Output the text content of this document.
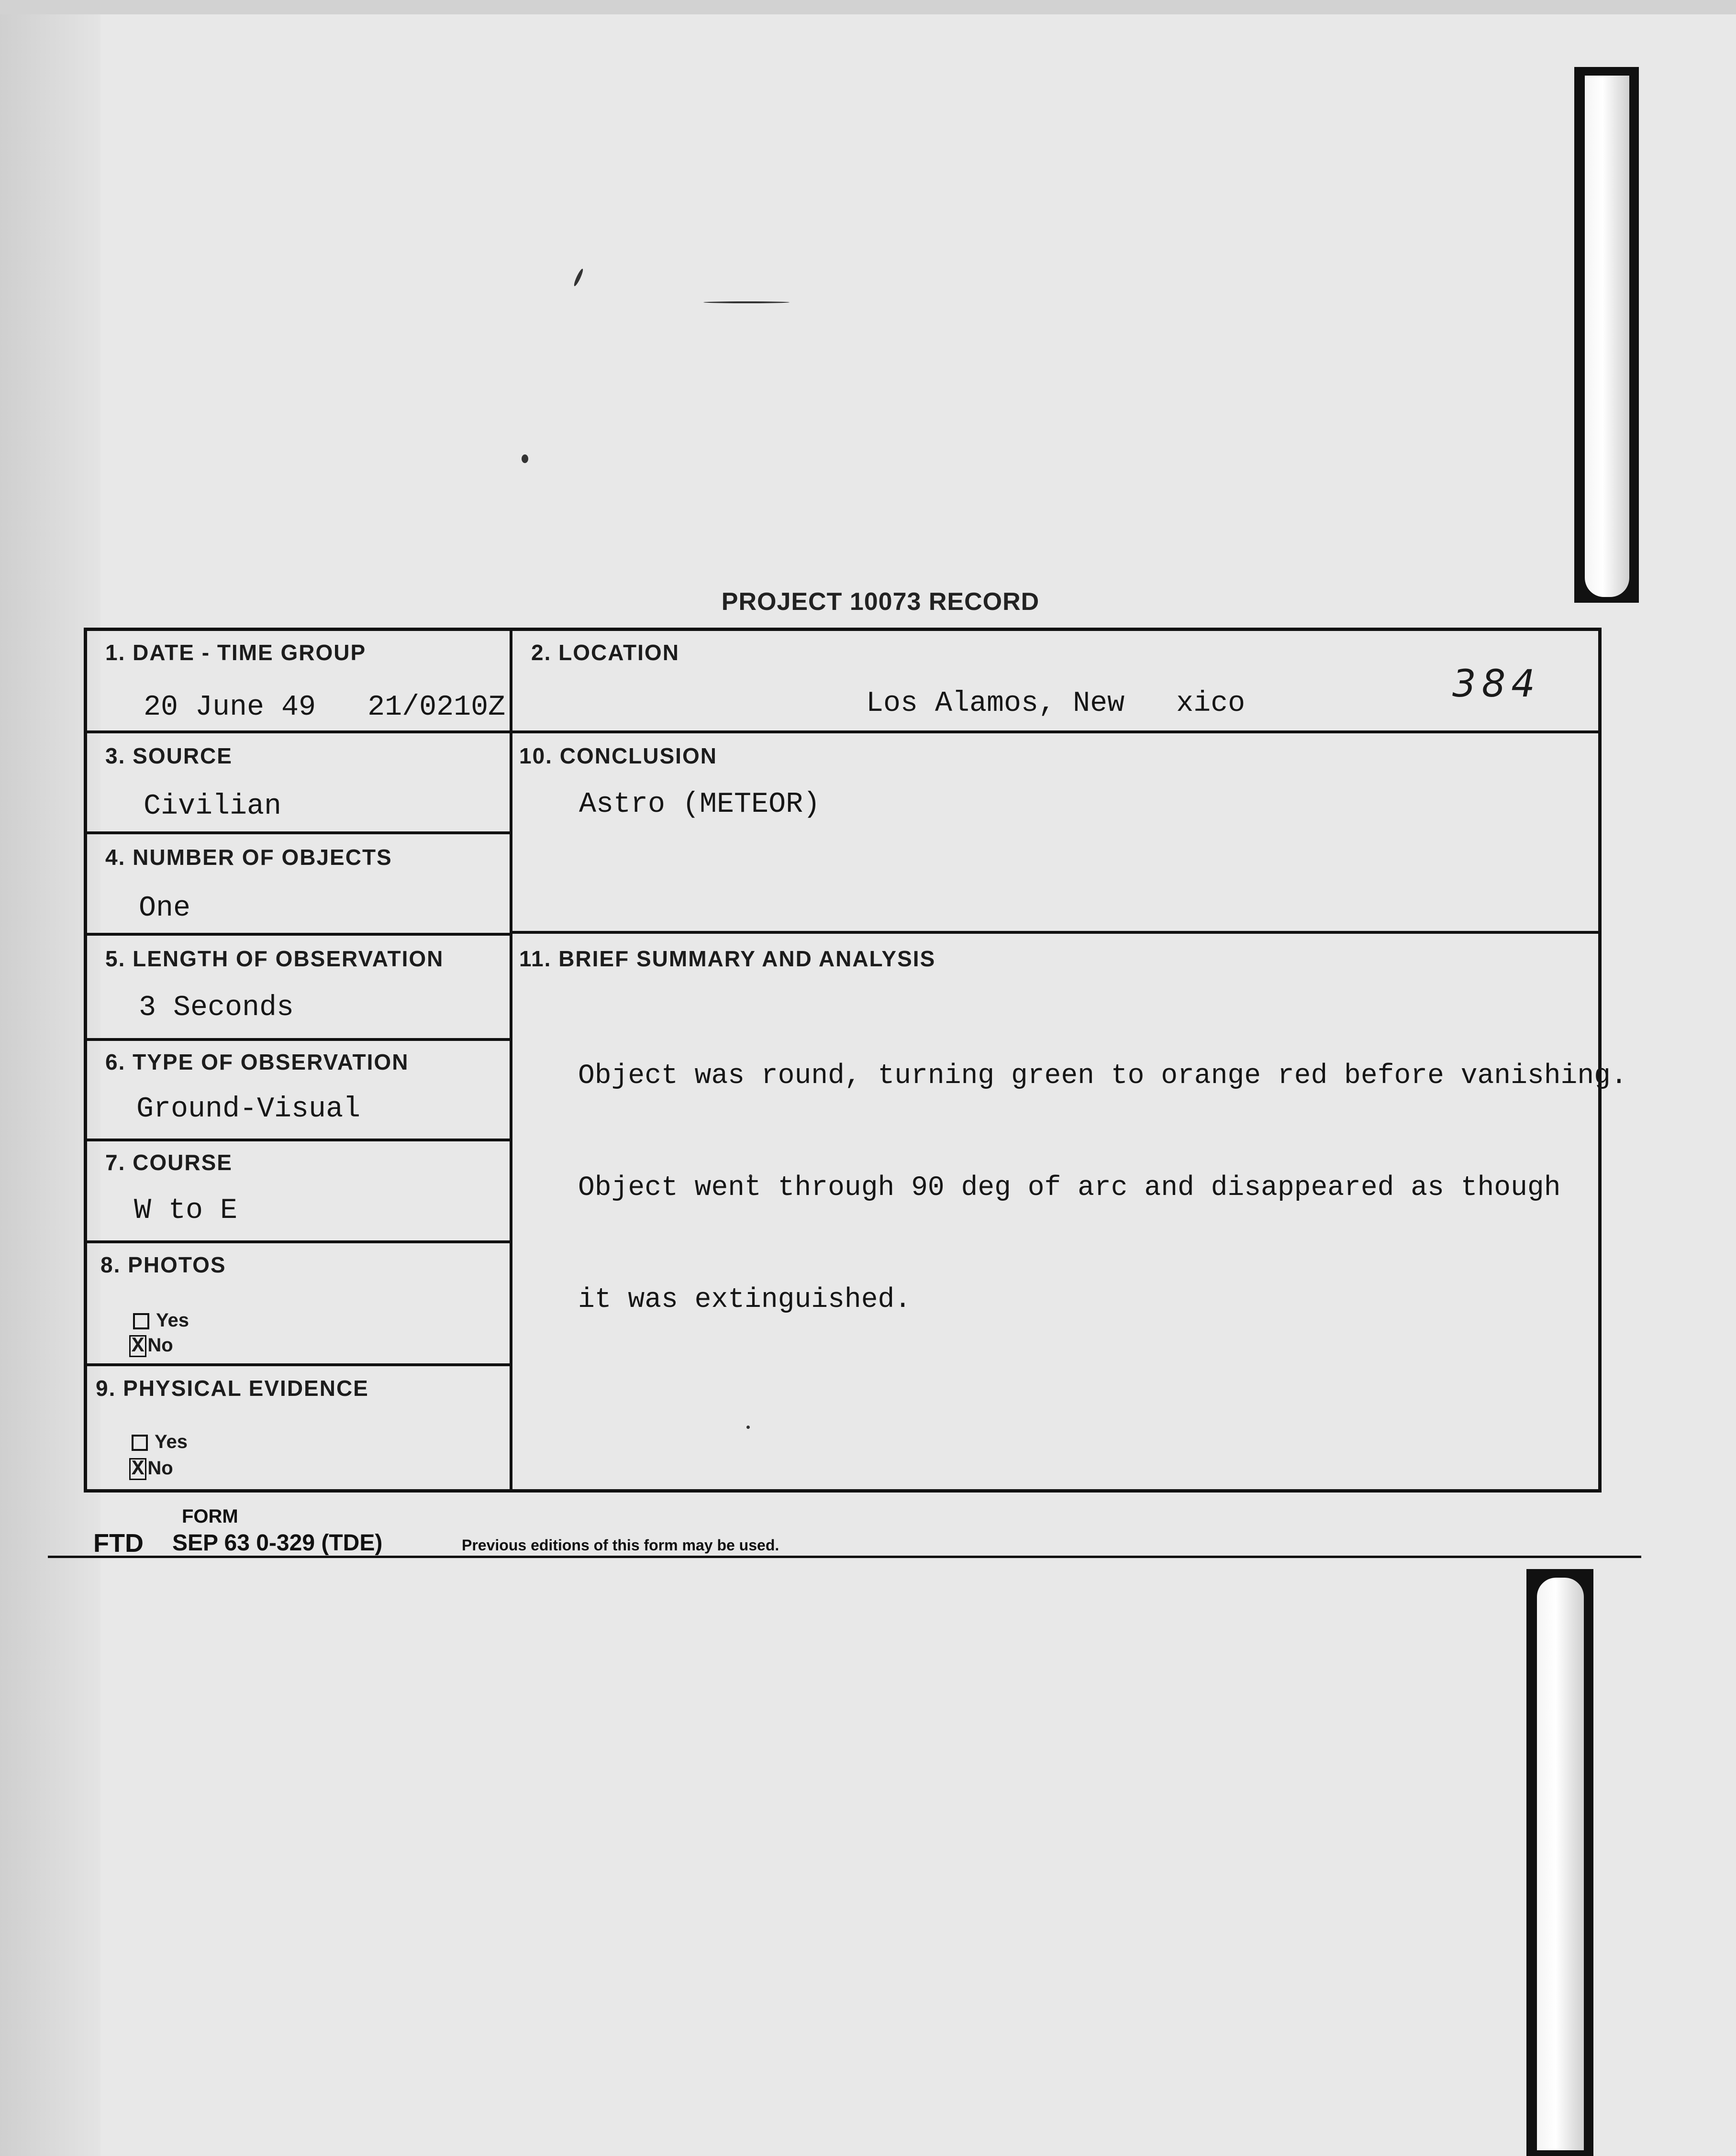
PROJECT 10073 RECORD
384
1. DATE - TIME GROUP
20 June 49   21/0210Z
2. LOCATION
Los Alamos, New   xico
3. SOURCE
Civilian
4. NUMBER OF OBJECTS
One
5. LENGTH OF OBSERVATION
3 Seconds
6. TYPE OF OBSERVATION
Ground-Visual
7. COURSE
W to E
8. PHOTOS
Yes
X No
9. PHYSICAL EVIDENCE
Yes
X No
10. CONCLUSION
Astro (METEOR)
11. BRIEF SUMMARY AND ANALYSIS

Object was round, turning green to orange red before vanishing.

Object went through 90 deg of arc and disappeared as though

it was extinguished.

FORM
FTD SEP 63 0-329 (TDE)	Previous editions of this form may be used.
